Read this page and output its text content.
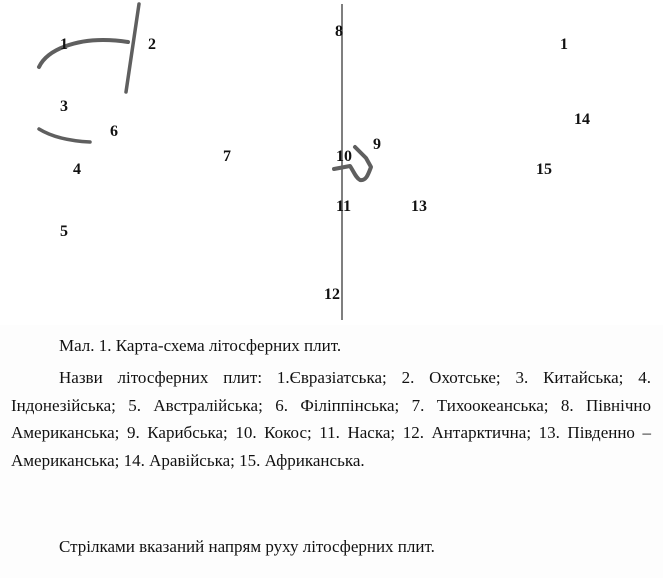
1	2
8
1
3
6
14
7
9
10
4	15
11	13
5
12

Мал. 1. Карта-схема літосферних плит.

Назви літосферних плит: 1.Євразіатська; 2. Охотське; 3. Китайська; 4. Індонезійська; 5. Австралійська; 6. Філіппінська; 7. Тихоокеанська; 8. Північно Американська; 9. Карибська; 10. Кокос; 11. Наска; 12. Антарктична; 13. Південно – Американська; 14. Аравійська; 15. Африканська.

Стрілками вказаний напрям руху літосферних плит.
